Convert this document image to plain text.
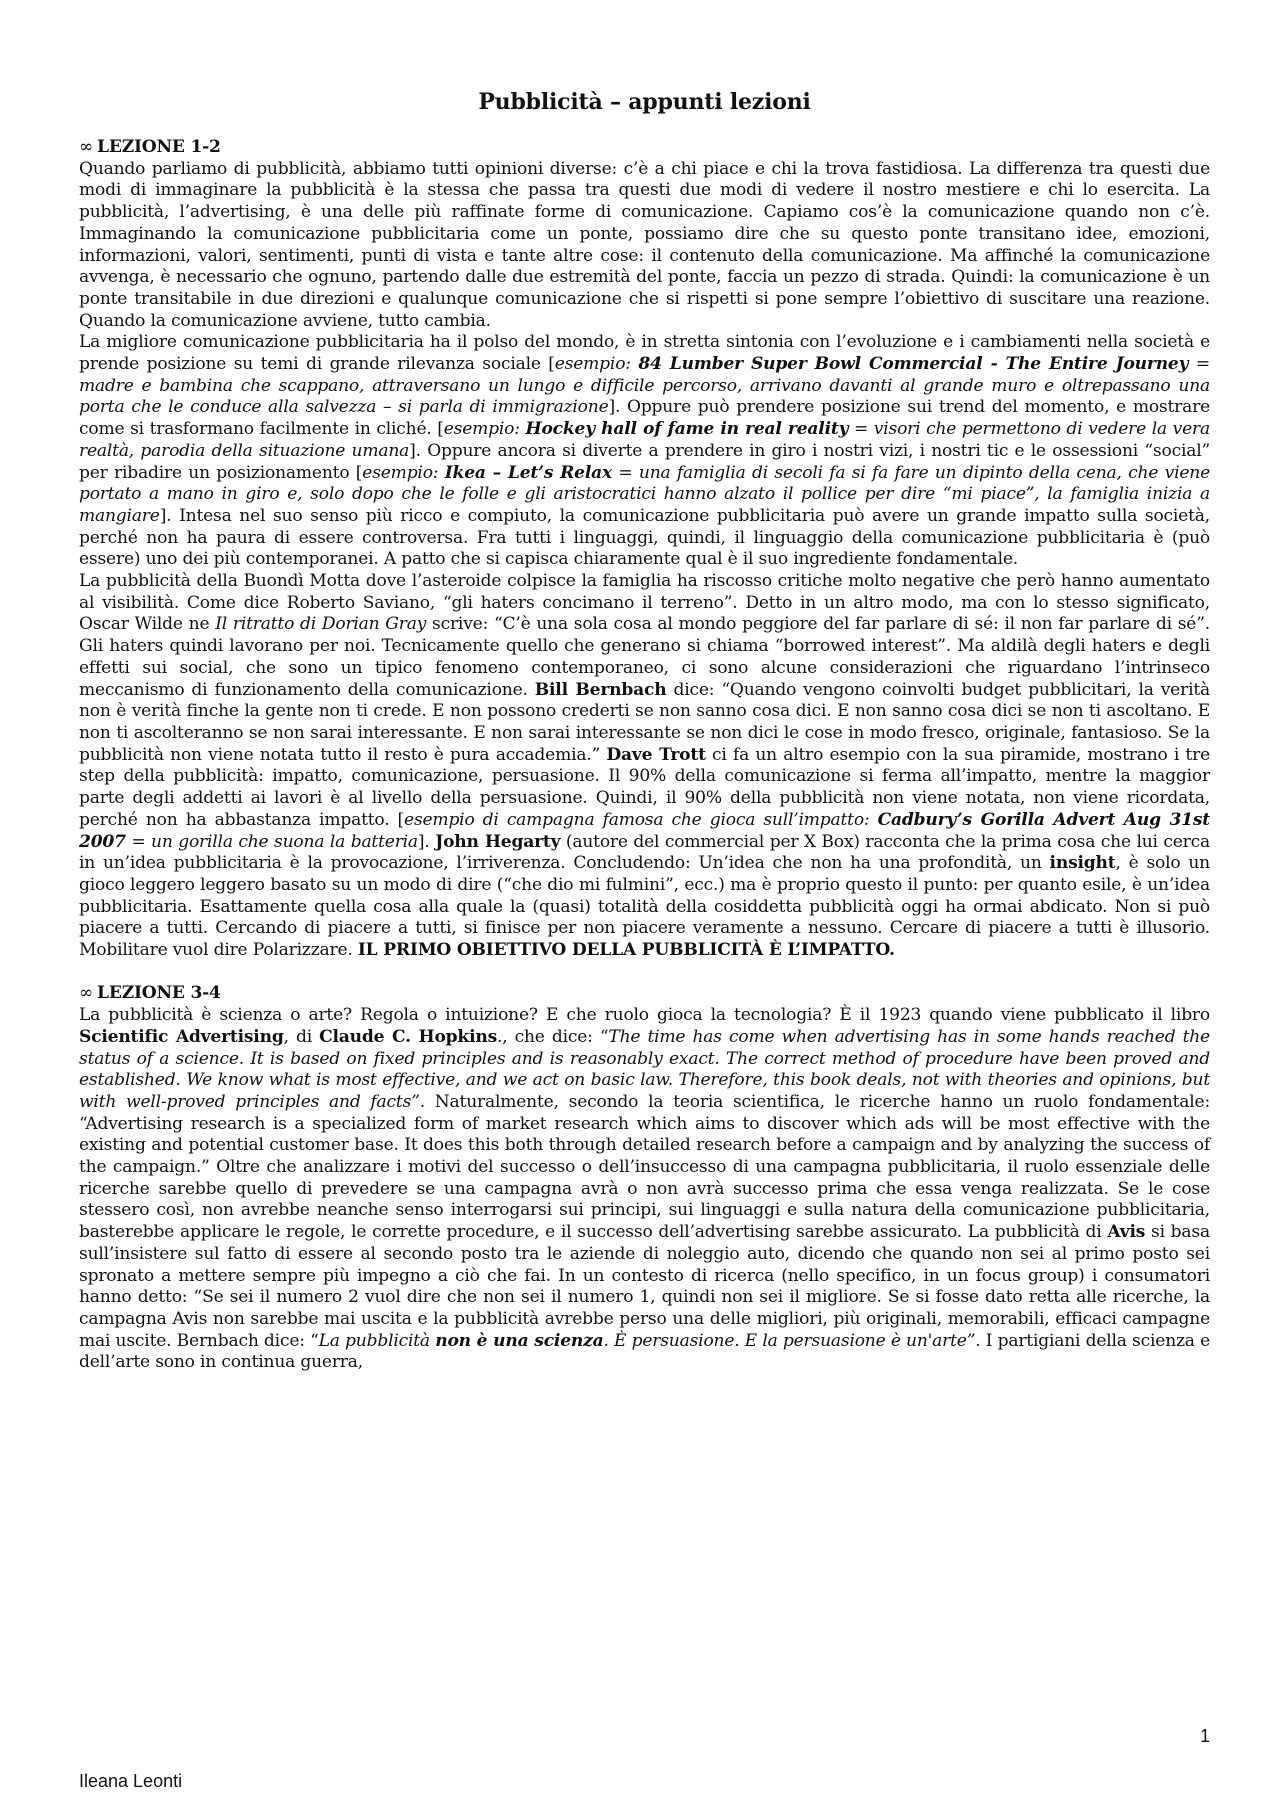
Pubblicità – appunti lezioni
∞ LEZIONE 1-2

Quando parliamo di pubblicità, abbiamo tutti opinioni diverse: c’è a chi piace e chi la trova fastidiosa. La differenza tra questi due modi di immaginare la pubblicità è la stessa che passa tra questi due modi di vedere il nostro mestiere e chi lo esercita. La pubblicità, l’advertising, è una delle più raffinate forme di comunicazione. Capiamo cos’è la comunicazione quando non c’è. Immaginando la comunicazione pubblicitaria come un ponte, possiamo dire che su questo ponte transitano idee, emozioni, informazioni, valori, sentimenti, punti di vista e tante altre cose: il contenuto della comunicazione. Ma affinché la comunicazione avvenga, è necessario che ognuno, partendo dalle due estremità del ponte, faccia un pezzo di strada. Quindi: la comunicazione è un ponte transitabile in due direzioni e qualunque comunicazione che si rispetti si pone sempre l’obiettivo di suscitare una reazione. Quando la comunicazione avviene, tutto cambia.

La migliore comunicazione pubblicitaria ha il polso del mondo, è in stretta sintonia con l’evoluzione e i cambiamenti nella società e prende posizione su temi di grande rilevanza sociale [esempio: 84 Lumber Super Bowl Commercial - The Entire Journey = madre e bambina che scappano, attraversano un lungo e difficile percorso, arrivano davanti al grande muro e oltrepassano una porta che le conduce alla salvezza – si parla di immigrazione]. Oppure può prendere posizione sui trend del momento, e mostrare come si trasformano facilmente in cliché. [esempio: Hockey hall of fame in real reality = visori che permettono di vedere la vera realtà, parodia della situazione umana]. Oppure ancora si diverte a prendere in giro i nostri vizi, i nostri tic e le ossessioni “social” per ribadire un posizionamento [esempio: Ikea – Let’s Relax = una famiglia di secoli fa si fa fare un dipinto della cena, che viene portato a mano in giro e, solo dopo che le folle e gli aristocratici hanno alzato il pollice per dire “mi piace”, la famiglia inizia a mangiare]. Intesa nel suo senso più ricco e compiuto, la comunicazione pubblicitaria può avere un grande impatto sulla società, perché non ha paura di essere controversa. Fra tutti i linguaggi, quindi, il linguaggio della comunicazione pubblicitaria è (può essere) uno dei più contemporanei. A patto che si capisca chiaramente qual è il suo ingrediente fondamentale.

La pubblicità della Buondì Motta dove l’asteroide colpisce la famiglia ha riscosso critiche molto negative che però hanno aumentato al visibilità. Come dice Roberto Saviano, “gli haters concimano il terreno”. Detto in un altro modo, ma con lo stesso significato, Oscar Wilde ne Il ritratto di Dorian Gray scrive: “C’è una sola cosa al mondo peggiore del far parlare di sé: il non far parlare di sé”. Gli haters quindi lavorano per noi. Tecnicamente quello che generano si chiama “borrowed interest”. Ma aldilà degli haters e degli effetti sui social, che sono un tipico fenomeno contemporaneo, ci sono alcune considerazioni che riguardano l’intrinseco meccanismo di funzionamento della comunicazione. Bill Bernbach dice: “Quando vengono coinvolti budget pubblicitari, la verità non è verità finche la gente non ti crede. E non possono crederti se non sanno cosa dici. E non sanno cosa dici se non ti ascoltano. E non ti ascolteranno se non sarai interessante. E non sarai interessante se non dici le cose in modo fresco, originale, fantasioso. Se la pubblicità non viene notata tutto il resto è pura accademia.” Dave Trott ci fa un altro esempio con la sua piramide, mostrano i tre step della pubblicità: impatto, comunicazione, persuasione. Il 90% della comunicazione si ferma all’impatto, mentre la maggior parte degli addetti ai lavori è al livello della persuasione. Quindi, il 90% della pubblicità non viene notata, non viene ricordata, perché non ha abbastanza impatto. [esempio di campagna famosa che gioca sull’impatto: Cadbury’s Gorilla Advert Aug 31st 2007 = un gorilla che suona la batteria]. John Hegarty (autore del commercial per X Box) racconta che la prima cosa che lui cerca in un’idea pubblicitaria è la provocazione, l’irriverenza. Concludendo: Un’idea che non ha una profondità, un insight, è solo un gioco leggero leggero basato su un modo di dire (“che dio mi fulmini”, ecc.) ma è proprio questo il punto: per quanto esile, è un’idea pubblicitaria. Esattamente quella cosa alla quale la (quasi) totalità della cosiddetta pubblicità oggi ha ormai abdicato. Non si può piacere a tutti. Cercando di piacere a tutti, si finisce per non piacere veramente a nessuno. Cercare di piacere a tutti è illusorio. Mobilitare vuol dire Polarizzare. IL PRIMO OBIETTIVO DELLA PUBBLICITÀ È L’IMPATTO.

∞ LEZIONE 3-4

La pubblicità è scienza o arte? Regola o intuizione? E che ruolo gioca la tecnologia? È il 1923 quando viene pubblicato il libro Scientific Advertising, di Claude C. Hopkins., che dice: “The time has come when advertising has in some hands reached the status of a science. It is based on fixed principles and is reasonably exact. The correct method of procedure have been proved and established. We know what is most effective, and we act on basic law. Therefore, this book deals, not with theories and opinions, but with well-proved principles and facts”. Naturalmente, secondo la teoria scientifica, le ricerche hanno un ruolo fondamentale: “Advertising research is a specialized form of market research which aims to discover which ads will be most effective with the existing and potential customer base. It does this both through detailed research before a campaign and by analyzing the success of the campaign.” Oltre che analizzare i motivi del successo o dell’insuccesso di una campagna pubblicitaria, il ruolo essenziale delle ricerche sarebbe quello di prevedere se una campagna avrà o non avrà successo prima che essa venga realizzata. Se le cose stessero così, non avrebbe neanche senso interrogarsi sui principi, sui linguaggi e sulla natura della comunicazione pubblicitaria, basterebbe applicare le regole, le corrette procedure, e il successo dell’advertising sarebbe assicurato. La pubblicità di Avis si basa sull’insistere sul fatto di essere al secondo posto tra le aziende di noleggio auto, dicendo che quando non sei al primo posto sei spronato a mettere sempre più impegno a ciò che fai. In un contesto di ricerca (nello specifico, in un focus group) i consumatori hanno detto: “Se sei il numero 2 vuol dire che non sei il numero 1, quindi non sei il migliore. Se si fosse dato retta alle ricerche, la campagna Avis non sarebbe mai uscita e la pubblicità avrebbe perso una delle migliori, più originali, memorabili, efficaci campagne mai uscite. Bernbach dice: “La pubblicità non è una scienza. È persuasione. E la persuasione è un'arte”. I partigiani della scienza e dell’arte sono in continua guerra,

1
Ileana Leonti
